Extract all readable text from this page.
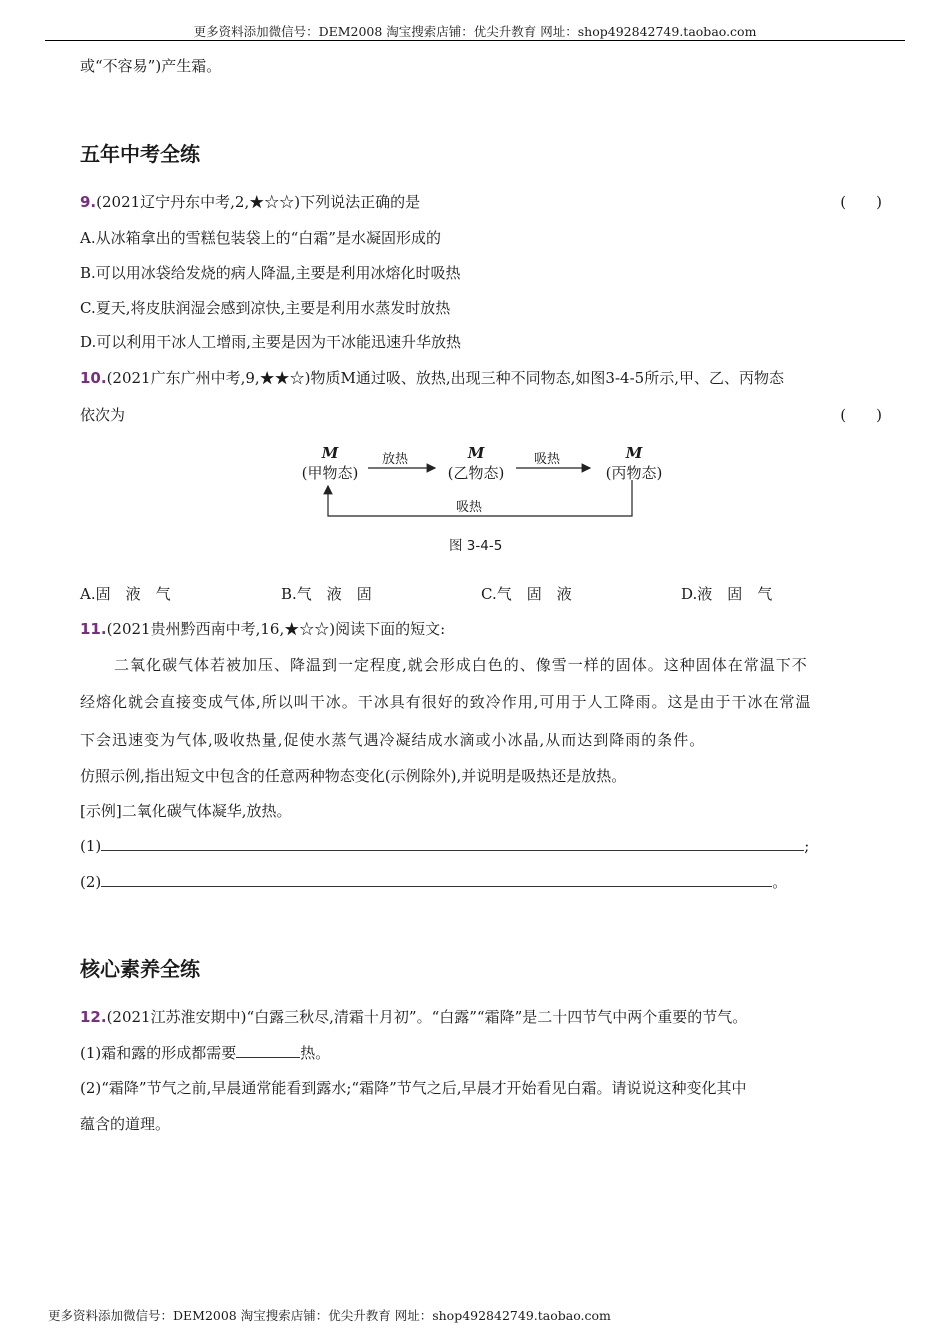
更多资料添加微信号：DEM2008 淘宝搜索店铺：优尖升教育 网址：shop492842749.taobao.com
或“不容易”)产生霜。
五年中考全练
9.(2021辽宁丹东中考,2,★☆☆)下列说法正确的是	(　　)
A.从冰箱拿出的雪糕包装袋上的“白霜”是水凝固形成的
B.可以用冰袋给发烧的病人降温,主要是利用冰熔化时吸热
C.夏天,将皮肤润湿会感到凉快,主要是利用水蒸发时放热
D.可以利用干冰人工增雨,主要是因为干冰能迅速升华放热
10.(2021广东广州中考,9,★★☆)物质M通过吸、放热,出现三种不同物态,如图3-4-5所示,甲、乙、丙物态
依次为	(　　)
M
(甲物态)
M
(乙物态)
M
(丙物态)
放热	吸热
吸热
图 3-4-5
A.固　液　气	B.气　液　固	C.气　固　液	D.液　固　气
11.(2021贵州黔西南中考,16,★☆☆)阅读下面的短文:
二氧化碳气体若被加压、降温到一定程度,就会形成白色的、像雪一样的固体。这种固体在常温下不
经熔化就会直接变成气体,所以叫干冰。干冰具有很好的致冷作用,可用于人工降雨。这是由于干冰在常温
下会迅速变为气体,吸收热量,促使水蒸气遇冷凝结成水滴或小冰晶,从而达到降雨的条件。
仿照示例,指出短文中包含的任意两种物态变化(示例除外),并说明是吸热还是放热。
[示例]二氧化碳气体凝华,放热。
(1)	;
(2)	。
核心素养全练
12.(2021江苏淮安期中)“白露三秋尽,清霜十月初”。“白露”“霜降”是二十四节气中两个重要的节气。
(1)霜和露的形成都需要	热。
(2)“霜降”节气之前,早晨通常能看到露水;“霜降”节气之后,早晨才开始看见白霜。请说说这种变化其中
蕴含的道理。
更多资料添加微信号：DEM2008 淘宝搜索店铺：优尖升教育 网址：shop492842749.taobao.com
